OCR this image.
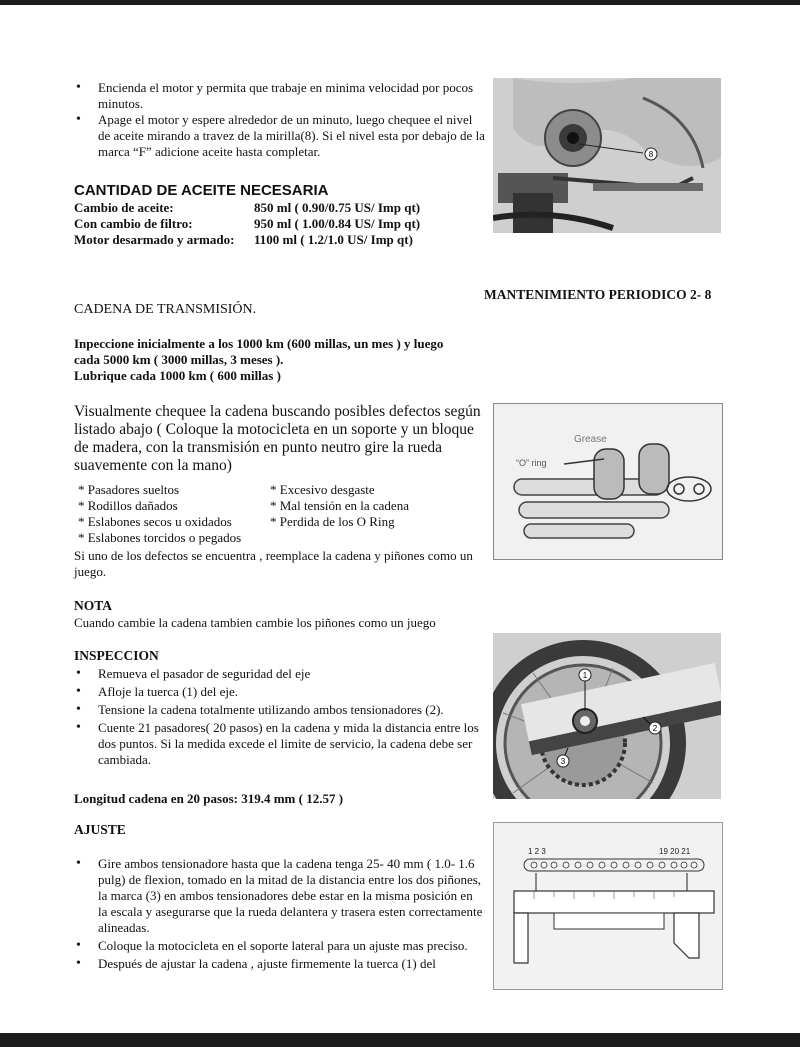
• Encienda el motor y permita que trabaje en minima velocidad por pocos minutos.
• Apage el motor y espere alrededor de un minuto, luego chequee el nivel de aceite mirando a travez de la mirilla(8). Si el nivel esta por debajo de la marca “F” adicione aceite hasta completar.	8
CANTIDAD DE ACEITE NECESARIA
Cambio de aceite:	850 ml ( 0.90/0.75 US/ Imp qt)
Con cambio de filtro:	950 ml ( 1.00/0.84 US/ Imp qt)
Motor desarmado y armado: 1100 ml ( 1.2/1.0 US/ Imp qt)
MANTENIMIENTO PERIODICO 2- 8
CADENA DE TRANSMISIÓN.
Inpeccione inicialmente a los 1000 km (600 millas, un mes ) y luego
cada 5000 km ( 3000 millas, 3 meses ).
Lubrique cada 1000 km ( 600 millas )
Visualmente chequee la cadena buscando posibles defectos según listado abajo ( Coloque la motocicleta en un soporte y un bloque de madera, con la transmisión en punto neutro gire la rueda suavemente con la mano)
* Pasadores sueltos
* Rodillos dañados
* Eslabones secos u oxidados
* Eslabones torcidos o pegados
* Excesivo desgaste
* Mal tensión en la cadena
* Perdida de los O Ring
Si uno de los defectos se encuentra , reemplace la cadena y piñones como un juego.
Grease
“O” ring
NOTA
Cuando cambie la cadena tambien cambie los piñones como un juego
INSPECCION
• Remueva el pasador de seguridad del eje
• Afloje la tuerca (1) del eje.
• Tensione la cadena totalmente utilizando ambos tensionadores (2).
• Cuente 21 pasadores( 20 pasos) en la cadena y mida la distancia entre los dos puntos. Si la medida excede el limite de servicio, la cadena debe ser cambiada.
Longitud cadena en 20 pasos: 319.4 mm ( 12.57 )
1
2
3
AJUSTE
• Gire ambos tensionadore hasta que la cadena tenga 25- 40 mm ( 1.0- 1.6 pulg) de flexion, tomado en la mitad de la distancia entre los dos piñones, la marca (3) en ambos tensionadores debe estar en la misma posición en la escala y asegurarse que la rueda delantera y trasera esten correctamente alineadas.
• Coloque la motocicleta en el soporte lateral para un ajuste mas preciso.
• Después de ajustar la cadena , ajuste firmemente la tuerca (1) del
1 2 3	19 20 21
